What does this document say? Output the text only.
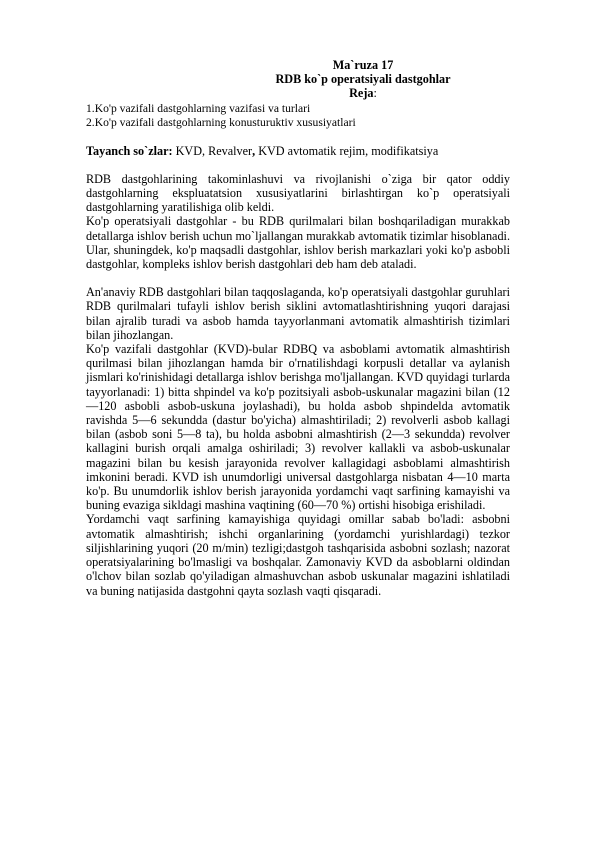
Ma`ruza 17
RDB ko`p operatsiyali dastgohlar
Reja:
1.Ko'p vazifali dastgohlarning vazifasi va turlari
2.Ko'p vazifali dastgohlarning konusturuktiv xususiyatlari
Tayanch so`zlar: KVD, Revalver, KVD avtomatik rejim, modifikatsiya

RDB dastgohlarining takominlashuvi va rivojlanishi o`ziga bir qator oddiy dastgohlarning ekspluatatsion xususiyatlarini birlashtirgan ko`p operatsiyali dastgohlarning yaratilishiga olib keldi.

Ko'p operatsiyali dastgohlar - bu RDB qurilmalari bilan boshqariladigan murakkab detallarga ishlov berish uchun mo`ljallangan murakkab avtomatik tizimlar hisoblanadi. Ular, shuningdek, ko'p maqsadli dastgohlar, ishlov berish markazlari yoki ko'p asbobli dastgohlar, kompleks ishlov berish dastgohlari deb ham deb ataladi.

An'anaviy RDB dastgohlari bilan taqqoslaganda, ko'p operatsiyali dastgohlar guruhlari RDB qurilmalari tufayli ishlov berish siklini avtomatlashtirishning yuqori darajasi bilan ajralib turadi va asbob hamda tayyorlanmani avtomatik almashtirish tizimlari bilan jihozlangan.

Ko'p vazifali dastgohlar (KVD)-bular RDBQ va asboblami avtomatik almashtirish qurilmasi bilan jihozlangan hamda bir o'rnatilishdagi korpusli detallar va aylanish jismlari ko'rinishidagi detallarga ishlov berishga mo'ljallangan. KVD quyidagi turlarda tayyorlanadi: 1) bitta shpindel va ko'p pozitsiyali asbob-uskunalar magazini bilan (12—120 asbobli asbob-uskuna joylashadi), bu holda asbob shpindelda avtomatik ravishda 5—6 sekundda (dastur bo'yicha) almashtiriladi; 2) revolverli asbob kallagi bilan (asbob soni 5—8 ta), bu holda asbobni almashtirish (2—3 sekundda) revolver kallagini burish orqali amalga oshiriladi; 3) revolver kallakli va asbob-uskunalar magazini bilan bu kesish jarayonida revolver kallagidagi asboblami almashtirish imkonini beradi. KVD ish unumdorligi universal dastgohlarga nisbatan 4—10 marta ko'p. Bu unumdorlik ishlov berish jarayonida yordamchi vaqt sarfining kamayishi va buning evaziga sikldagi mashina vaqtining (60—70 %) ortishi hisobiga erishiladi.

Yordamchi vaqt sarfining kamayishiga quyidagi omillar sabab bo'ladi: asbobni avtomatik almashtirish; ishchi organlarining (yordamchi yurishlardagi) tezkor siljishlarining yuqori (20 m/min) tezligi;dastgoh tashqarisida asbobni sozlash; nazorat operatsiyalarining bo'lmasligi va boshqalar. Zamonaviy KVD da asboblarni oldindan o'lchov bilan sozlab qo'yiladigan almashuvchan asbob uskunalar magazini ishlatiladi va buning natijasida dastgohni qayta sozlash vaqti qisqaradi.
